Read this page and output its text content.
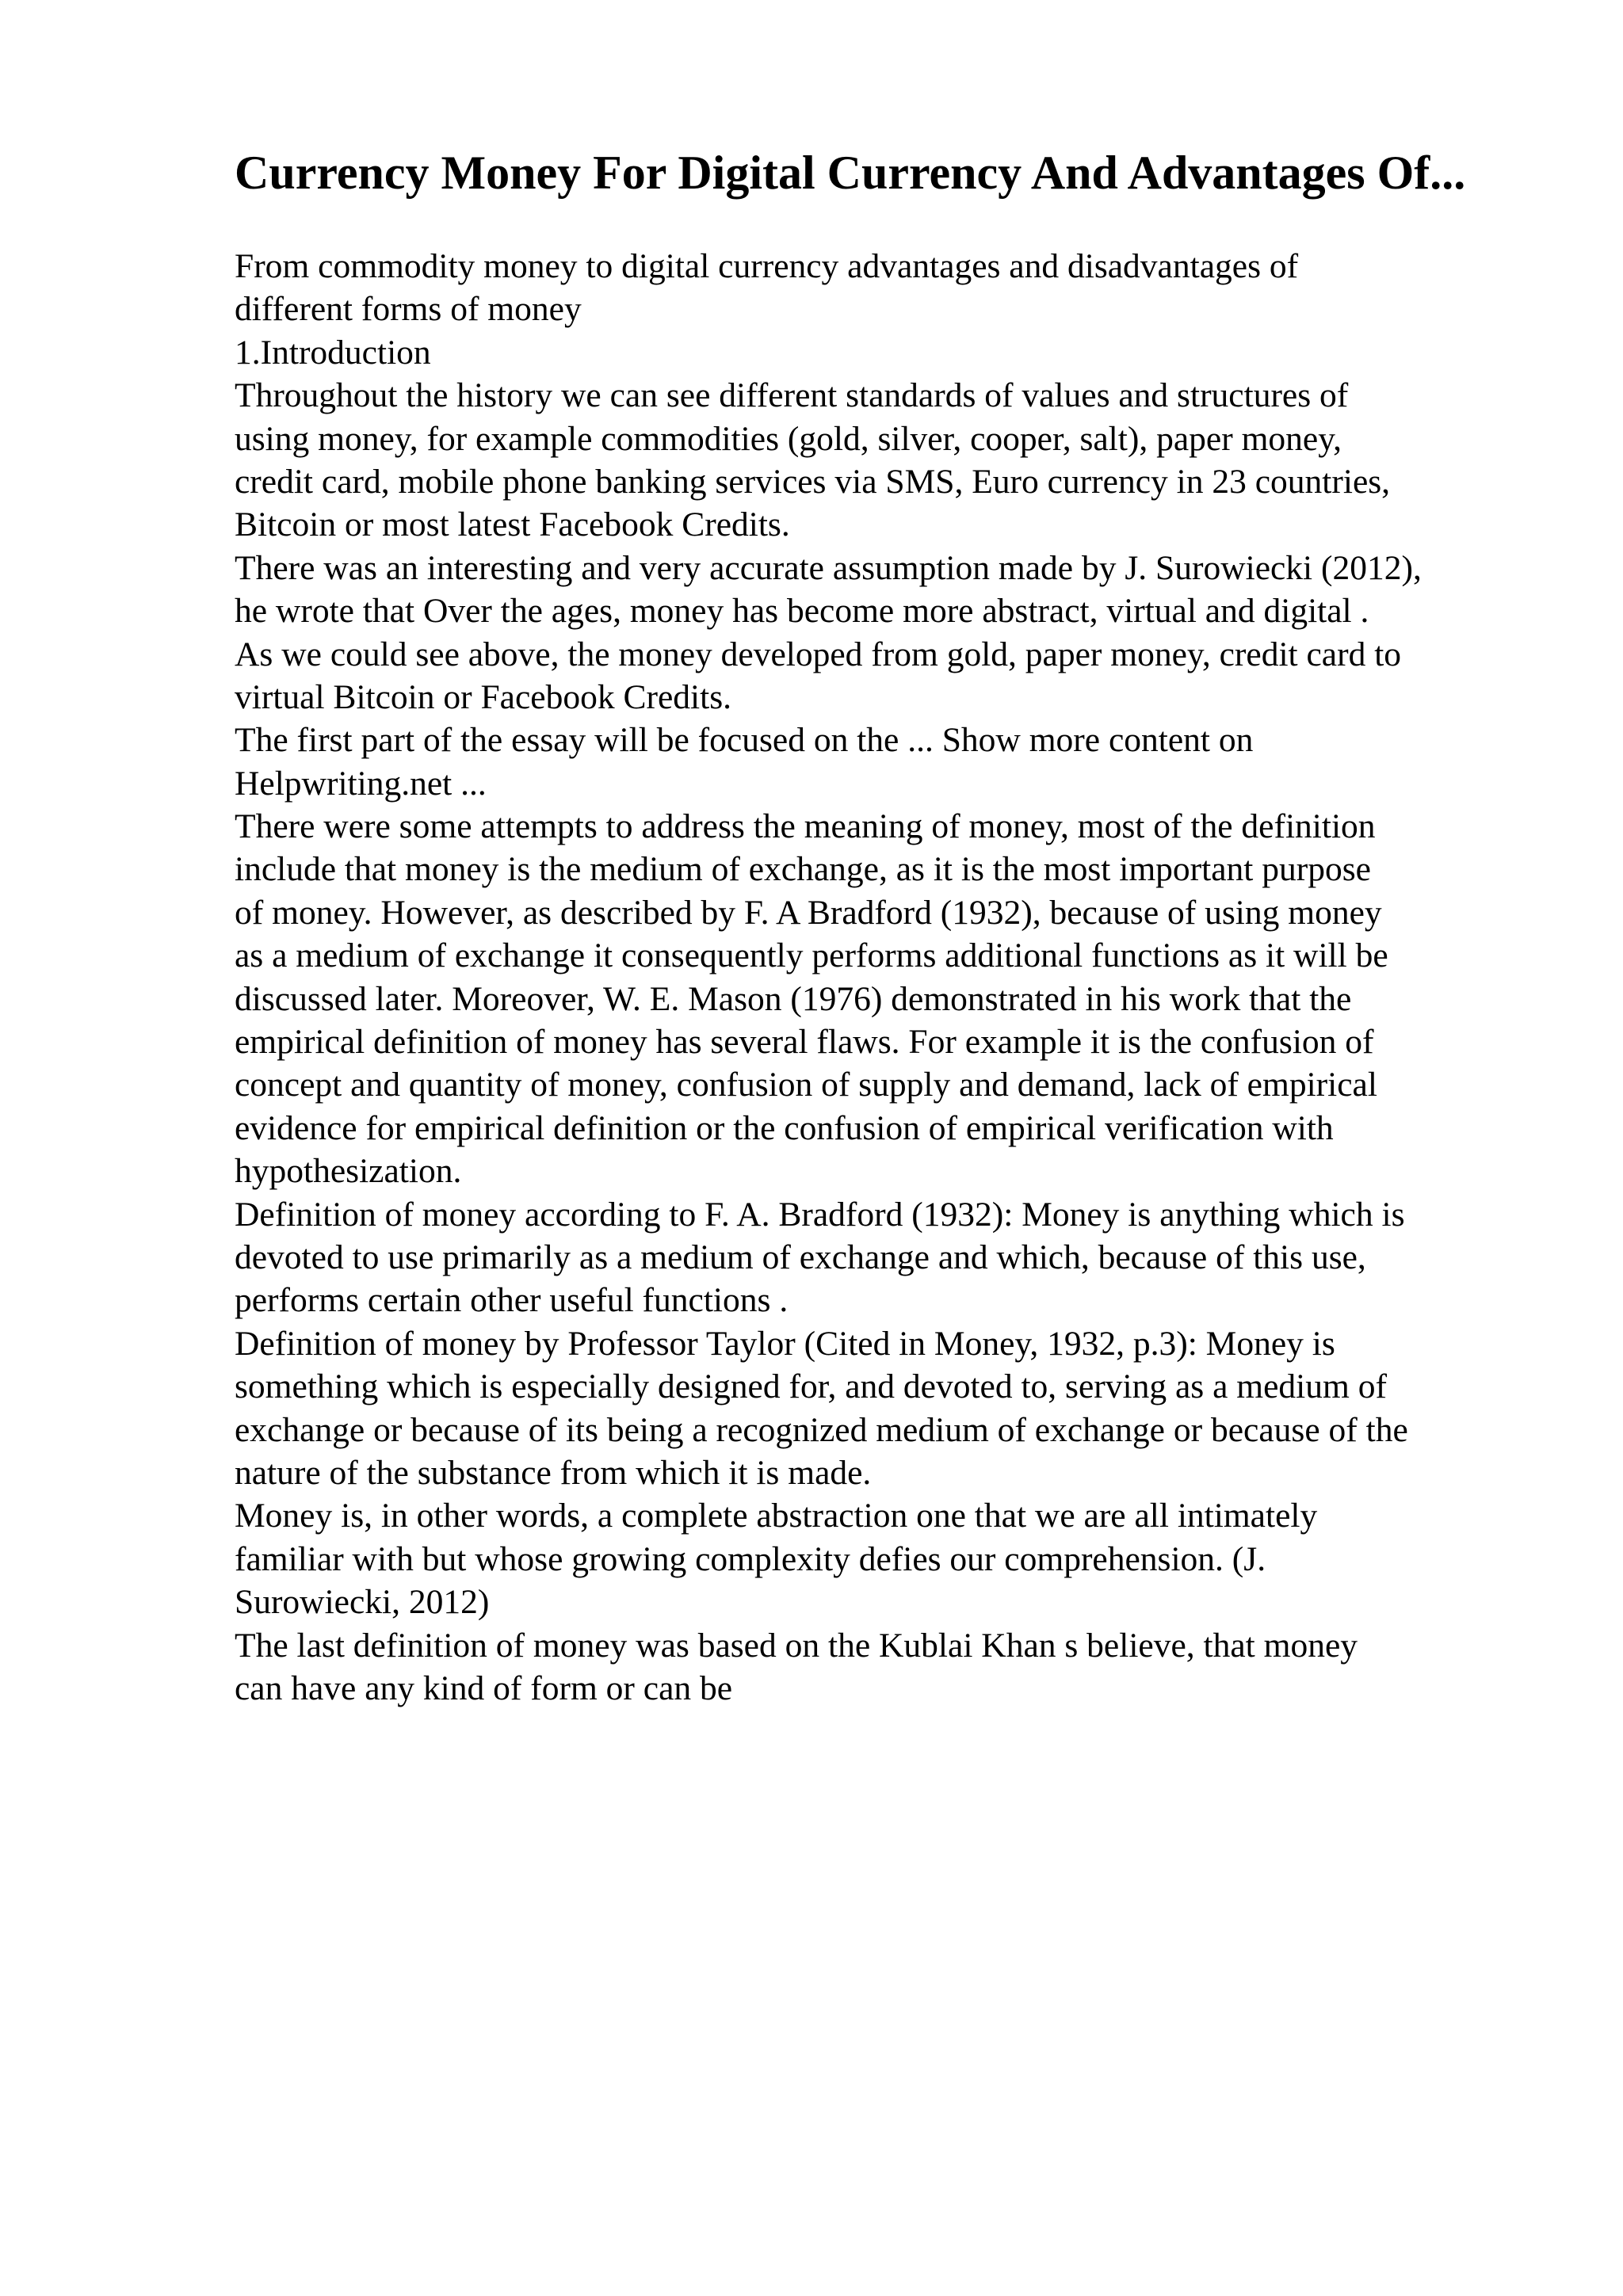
Currency Money For Digital Currency And Advantages Of...
From commodity money to digital currency advantages and disadvantages of
different forms of money
1.Introduction
Throughout the history we can see different standards of values and structures of
using money, for example commodities (gold, silver, cooper, salt), paper money,
credit card, mobile phone banking services via SMS, Euro currency in 23 countries,
Bitcoin or most latest Facebook Credits.
There was an interesting and very accurate assumption made by J. Surowiecki (2012),
he wrote that Over the ages, money has become more abstract, virtual and digital .
As we could see above, the money developed from gold, paper money, credit card to
virtual Bitcoin or Facebook Credits.
The first part of the essay will be focused on the ... Show more content on
Helpwriting.net ...
There were some attempts to address the meaning of money, most of the definition
include that money is the medium of exchange, as it is the most important purpose
of money. However, as described by F. A Bradford (1932), because of using money
as a medium of exchange it consequently performs additional functions as it will be
discussed later. Moreover, W. E. Mason (1976) demonstrated in his work that the
empirical definition of money has several flaws. For example it is the confusion of
concept and quantity of money, confusion of supply and demand, lack of empirical
evidence for empirical definition or the confusion of empirical verification with
hypothesization.
Definition of money according to F. A. Bradford (1932): Money is anything which is
devoted to use primarily as a medium of exchange and which, because of this use,
performs certain other useful functions .
Definition of money by Professor Taylor (Cited in Money, 1932, p.3): Money is
something which is especially designed for, and devoted to, serving as a medium of
exchange or because of its being a recognized medium of exchange or because of the
nature of the substance from which it is made.
Money is, in other words, a complete abstraction one that we are all intimately
familiar with but whose growing complexity defies our comprehension. (J.
Surowiecki, 2012)
The last definition of money was based on the Kublai Khan s believe, that money
can have any kind of form or can be
